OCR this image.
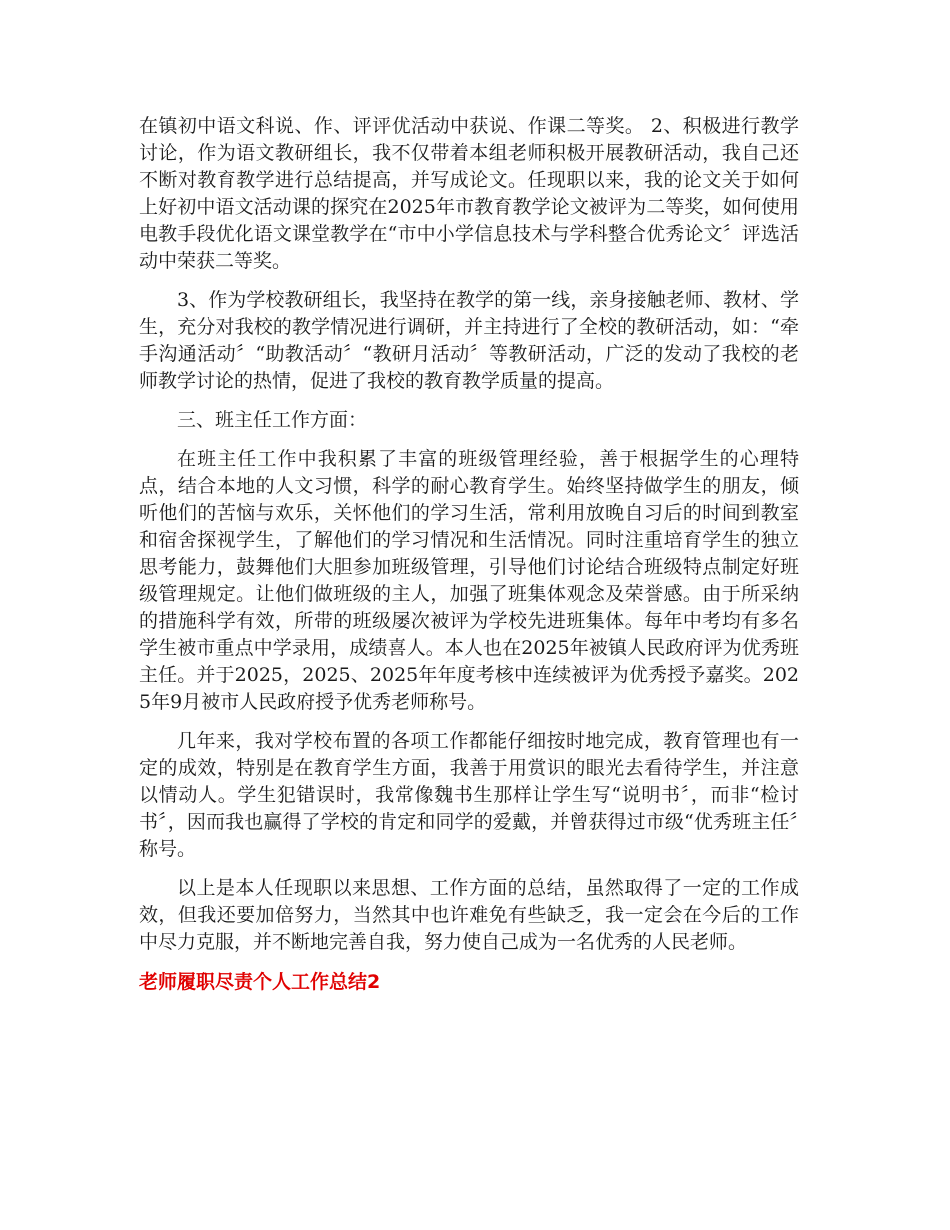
在镇初中语文科说、作、评评优活动中获说、作课二等奖。 2、积极进行教学讨论，作为语文教研组长，我不仅带着本组老师积极开展教研活动，我自己还不断对教育教学进行总结提高，并写成论文。任现职以来，我的论文关于如何上好初中语文活动课的探究在2025年市教育教学论文被评为二等奖，如何使用电教手段优化语文课堂教学在“市中小学信息技术与学科整合优秀论文〞评选活动中荣获二等奖。

3、作为学校教研组长，我坚持在教学的第一线，亲身接触老师、教材、学生，充分对我校的教学情况进行调研，并主持进行了全校的教研活动，如：“牵手沟通活动〞“助教活动〞“教研月活动〞等教研活动，广泛的发动了我校的老师教学讨论的热情，促进了我校的教育教学质量的提高。

三、班主任工作方面：

在班主任工作中我积累了丰富的班级管理经验，善于根据学生的心理特点，结合本地的人文习惯，科学的耐心教育学生。始终坚持做学生的朋友，倾听他们的苦恼与欢乐，关怀他们的学习生活，常利用放晚自习后的时间到教室和宿舍探视学生，了解他们的学习情况和生活情况。同时注重培育学生的独立思考能力，鼓舞他们大胆参加班级管理，引导他们讨论结合班级特点制定好班级管理规定。让他们做班级的主人，加强了班集体观念及荣誉感。由于所采纳的措施科学有效，所带的班级屡次被评为学校先进班集体。每年中考均有多名学生被市重点中学录用，成绩喜人。本人也在2025年被镇人民政府评为优秀班主任。并于2025，2025、2025年年度考核中连续被评为优秀授予嘉奖。2025年9月被市人民政府授予优秀老师称号。

几年来，我对学校布置的各项工作都能仔细按时地完成，教育管理也有一定的成效，特别是在教育学生方面，我善于用赏识的眼光去看待学生，并注意以情动人。学生犯错误时，我常像魏书生那样让学生写“说明书〞，而非“检讨书〞，因而我也赢得了学校的肯定和同学的爱戴，并曾获得过市级“优秀班主任〞称号。

以上是本人任现职以来思想、工作方面的总结，虽然取得了一定的工作成效，但我还要加倍努力，当然其中也许难免有些缺乏，我一定会在今后的工作中尽力克服，并不断地完善自我，努力使自己成为一名优秀的人民老师。

老师履职尽责个人工作总结2
